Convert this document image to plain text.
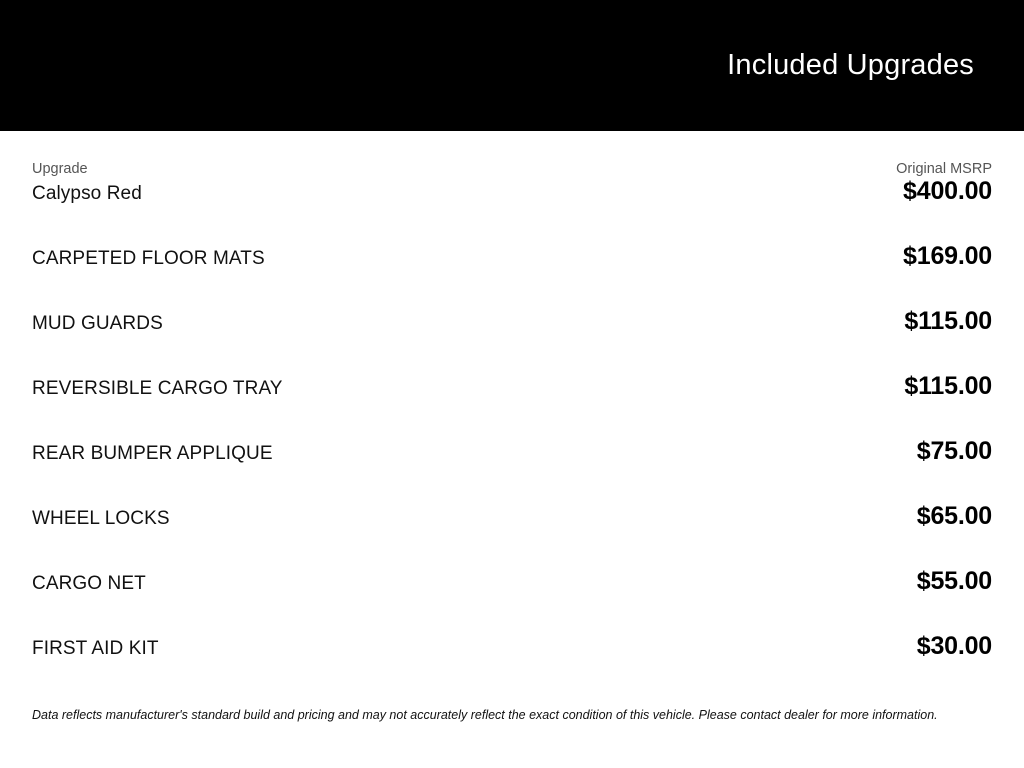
Included Upgrades
Upgrade	Original MSRP
Calypso Red	$400.00
CARPETED FLOOR MATS	$169.00
MUD GUARDS	$115.00
REVERSIBLE CARGO TRAY	$115.00
REAR BUMPER APPLIQUE	$75.00
WHEEL LOCKS	$65.00
CARGO NET	$55.00
FIRST AID KIT	$30.00
Data reflects manufacturer's standard build and pricing and may not accurately reflect the exact condition of this vehicle. Please contact dealer for more information.
